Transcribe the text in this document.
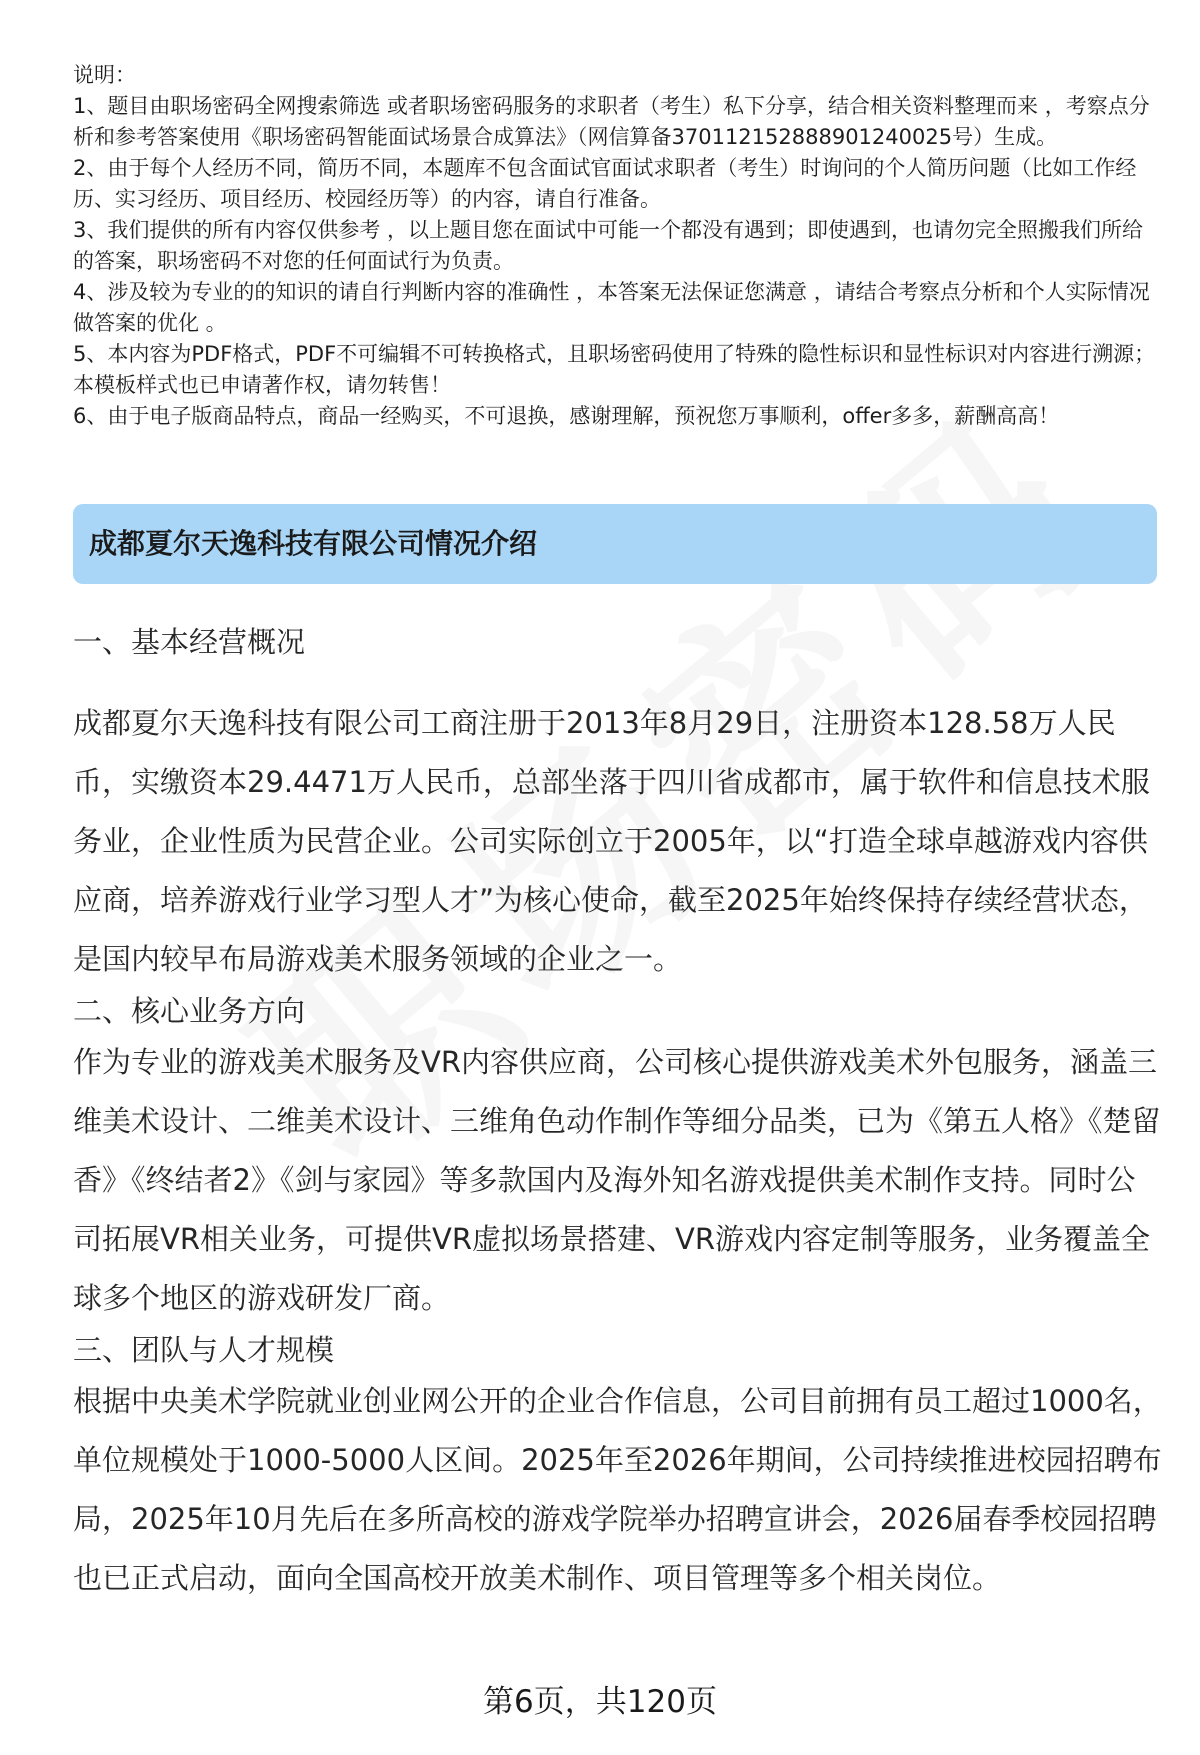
说明：

1、题目由职场密码全网搜索筛选 或者职场密码服务的求职者（考生）私下分享，结合相关资料整理而来 ，考察点分析和参考答案使用《职场密码智能面试场景合成算法》（网信算备370112152888901240025号）生成。

2、由于每个人经历不同，简历不同，本题库不包含面试官面试求职者（考生）时询问的个人简历问题（比如工作经历、实习经历、项目经历、校园经历等）的内容，请自行准备。

3、我们提供的所有内容仅供参考 ，以上题目您在面试中可能一个都没有遇到；即使遇到，也请勿完全照搬我们所给的答案，职场密码不对您的任何面试行为负责。

4、涉及较为专业的的知识的请自行判断内容的准确性 ，本答案无法保证您满意 ，请结合考察点分析和个人实际情况做答案的优化 。

5、本内容为PDF格式，PDF不可编辑不可转换格式，且职场密码使用了特殊的隐性标识和显性标识对内容进行溯源；本模板样式也已申请著作权，请勿转售！

6、由于电子版商品特点，商品一经购买，不可退换，感谢理解，预祝您万事顺利，offer多多，薪酬高高！

成都夏尔天逸科技有限公司情况介绍
一、基本经营概况

成都夏尔天逸科技有限公司工商注册于2013年8月29日，注册资本128.58万人民币，实缴资本29.4471万人民币，总部坐落于四川省成都市，属于软件和信息技术服务业，企业性质为民营企业。公司实际创立于2005年，以“打造全球卓越游戏内容供应商，培养游戏行业学习型人才”为核心使命，截至2025年始终保持存续经营状态，是国内较早布局游戏美术服务领域的企业之一。

二、核心业务方向

作为专业的游戏美术服务及VR内容供应商，公司核心提供游戏美术外包服务，涵盖三维美术设计、二维美术设计、三维角色动作制作等细分品类，已为《第五人格》《楚留香》《终结者2》《剑与家园》等多款国内及海外知名游戏提供美术制作支持。同时公司拓展VR相关业务，可提供VR虚拟场景搭建、VR游戏内容定制等服务，业务覆盖全球多个地区的游戏研发厂商。

三、团队与人才规模

根据中央美术学院就业创业网公开的企业合作信息，公司目前拥有员工超过1000名，单位规模处于1000-5000人区间。2025年至2026年期间，公司持续推进校园招聘布局，2025年10月先后在多所高校的游戏学院举办招聘宣讲会，2026届春季校园招聘也已正式启动，面向全国高校开放美术制作、项目管理等多个相关岗位。

第6页，共120页
